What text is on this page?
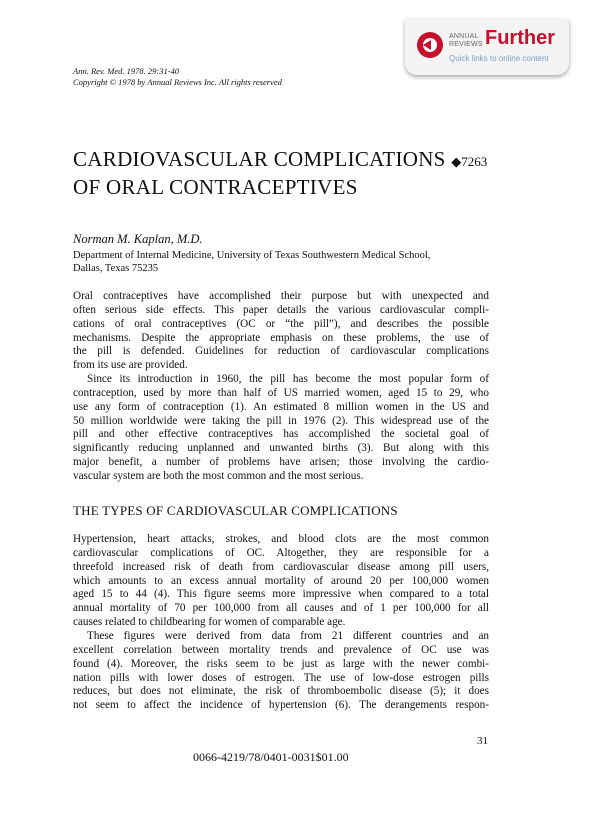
ANNUAL
REVIEWS Further
Quick links to online content
Ann. Rev. Med. 1978. 29:31-40
Copyright © 1978 by Annual Reviews Inc. All rights reserved
CARDIOVASCULAR COMPLICATIONS ◆7263
OF ORAL CONTRACEPTIVES
Norman M. Kaplan, M.D.
Department of Internal Medicine, University of Texas Southwestern Medical School,
Dallas, Texas 75235
Oral contraceptives have accomplished their purpose but with unexpected and
often serious side effects. This paper details the various cardiovascular compli-
cations of oral contraceptives (OC or “the pill”), and describes the possible
mechanisms. Despite the appropriate emphasis on these problems, the use of
the pill is defended. Guidelines for reduction of cardiovascular complications
from its use are provided.
Since its introduction in 1960, the pill has become the most popular form of
contraception, used by more than half of US married women, aged 15 to 29, who
use any form of contraception (1). An estimated 8 million women in the US and
50 million worldwide were taking the pill in 1976 (2). This widespread use of the
pill and other effective contraceptives has accomplished the societal goal of
significantly reducing unplanned and unwanted births (3). But along with this
major benefit, a number of problems have arisen; those involving the cardio-
vascular system are both the most common and the most serious.
THE TYPES OF CARDIOVASCULAR COMPLICATIONS
Hypertension, heart attacks, strokes, and blood clots are the most common
cardiovascular complications of OC. Altogether, they are responsible for a
threefold increased risk of death from cardiovascular disease among pill users,
which amounts to an excess annual mortality of around 20 per 100,000 women
aged 15 to 44 (4). This figure seems more impressive when compared to a total
annual mortality of 70 per 100,000 from all causes and of 1 per 100,000 for all
causes related to childbearing for women of comparable age.
These figures were derived from data from 21 different countries and an
excellent correlation between mortality trends and prevalence of OC use was
found (4). Moreover, the risks seem to be just as large with the newer combi-
nation pills with lower doses of estrogen. The use of low-dose estrogen pills
reduces, but does not eliminate, the risk of thromboembolic disease (5); it does
not seem to affect the incidence of hypertension (6). The derangements respon-
31
0066-4219/78/0401-0031$01.00
